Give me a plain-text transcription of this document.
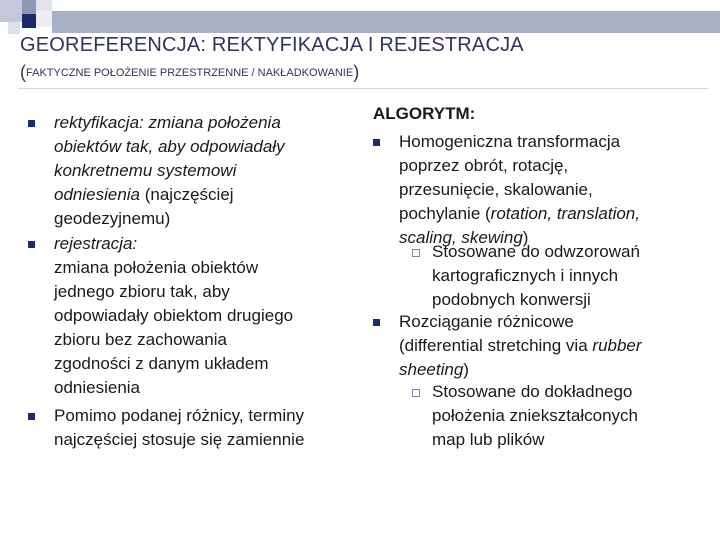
GEOREFERENCJA: REKTYFIKACJA I REJESTRACJA
(FAKTYCZNE POŁOŻENIE PRZESTRZENNE / NAKŁADKOWANIE)
rektyfikacja: zmiana położenia
obiektów tak, aby odpowiadały
konkretnemu systemowi
odniesienia (najczęściej
geodezyjnemu)
rejestracja:
zmiana położenia obiektów
jednego zbioru tak, aby
odpowiadały obiektom drugiego
zbioru bez zachowania
zgodności z danym układem
odniesienia
Pomimo podanej różnicy, terminy
najczęściej stosuje się zamiennie
ALGORYTM:
Homogeniczna transformacja
poprzez obrót, rotację,
przesunięcie, skalowanie,
pochylanie (rotation, translation,
scaling, skewing)
Stosowane do odwzorowań
kartograficznych i innych
podobnych konwersji
Rozciąganie różnicowe
(differential stretching via rubber
sheeting)
Stosowane do dokładnego
położenia zniekształconych
map lub plików
